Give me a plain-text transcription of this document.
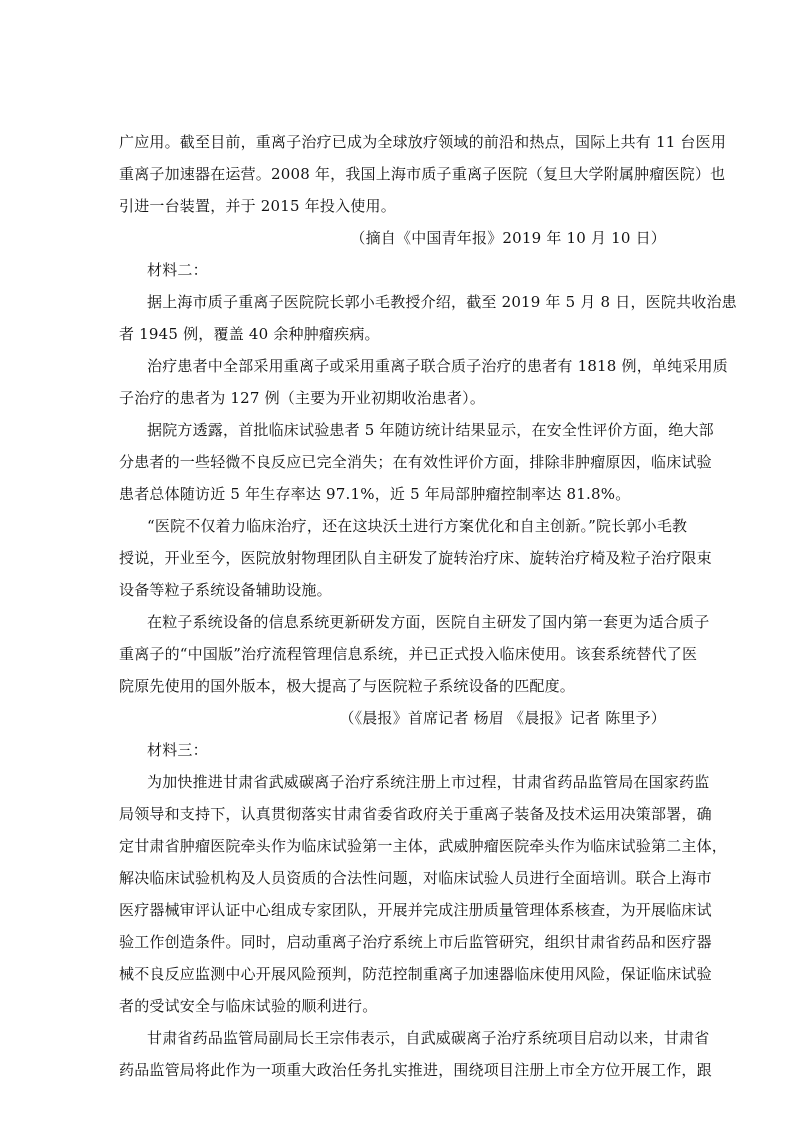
广应用。截至目前，重离子治疗已成为全球放疗领域的前沿和热点，国际上共有 11 台医用
重离子加速器在运营。2008 年，我国上海市质子重离子医院（复旦大学附属肿瘤医院）也
引进一台装置，并于 2015 年投入使用。
（摘自《中国青年报》2019 年 10 月 10 日）
材料二：
据上海市质子重离子医院院长郭小毛教授介绍，截至 2019 年 5 月 8 日，医院共收治患
者 1945 例，覆盖 40 余种肿瘤疾病。
治疗患者中全部采用重离子或采用重离子联合质子治疗的患者有 1818 例，单纯采用质
子治疗的患者为 127 例（主要为开业初期收治患者）。
据院方透露，首批临床试验患者 5 年随访统计结果显示，在安全性评价方面，绝大部
分患者的一些轻微不良反应已完全消失；在有效性评价方面，排除非肿瘤原因，临床试验
患者总体随访近 5 年生存率达 97.1%，近 5 年局部肿瘤控制率达 81.8%。
“医院不仅着力临床治疗，还在这块沃土进行方案优化和自主创新。”院长郭小毛教
授说，开业至今，医院放射物理团队自主研发了旋转治疗床、旋转治疗椅及粒子治疗限束
设备等粒子系统设备辅助设施。
在粒子系统设备的信息系统更新研发方面，医院自主研发了国内第一套更为适合质子
重离子的“中国版”治疗流程管理信息系统，并已正式投入临床使用。该套系统替代了医
院原先使用的国外版本，极大提高了与医院粒子系统设备的匹配度。
（《晨报》首席记者 杨眉 《晨报》记者 陈里予）
材料三：
为加快推进甘肃省武威碳离子治疗系统注册上市过程，甘肃省药品监管局在国家药监
局领导和支持下，认真贯彻落实甘肃省委省政府关于重离子装备及技术运用决策部署，确
定甘肃省肿瘤医院牵头作为临床试验第一主体，武威肿瘤医院牵头作为临床试验第二主体，
解决临床试验机构及人员资质的合法性问题，对临床试验人员进行全面培训。联合上海市
医疗器械审评认证中心组成专家团队，开展并完成注册质量管理体系核查，为开展临床试
验工作创造条件。同时，启动重离子治疗系统上市后监管研究，组织甘肃省药品和医疗器
械不良反应监测中心开展风险预判，防范控制重离子加速器临床使用风险，保证临床试验
者的受试安全与临床试验的顺利进行。
甘肃省药品监管局副局长王宗伟表示，自武威碳离子治疗系统项目启动以来，甘肃省
药品监管局将此作为一项重大政治任务扎实推进，围绕项目注册上市全方位开展工作，跟
